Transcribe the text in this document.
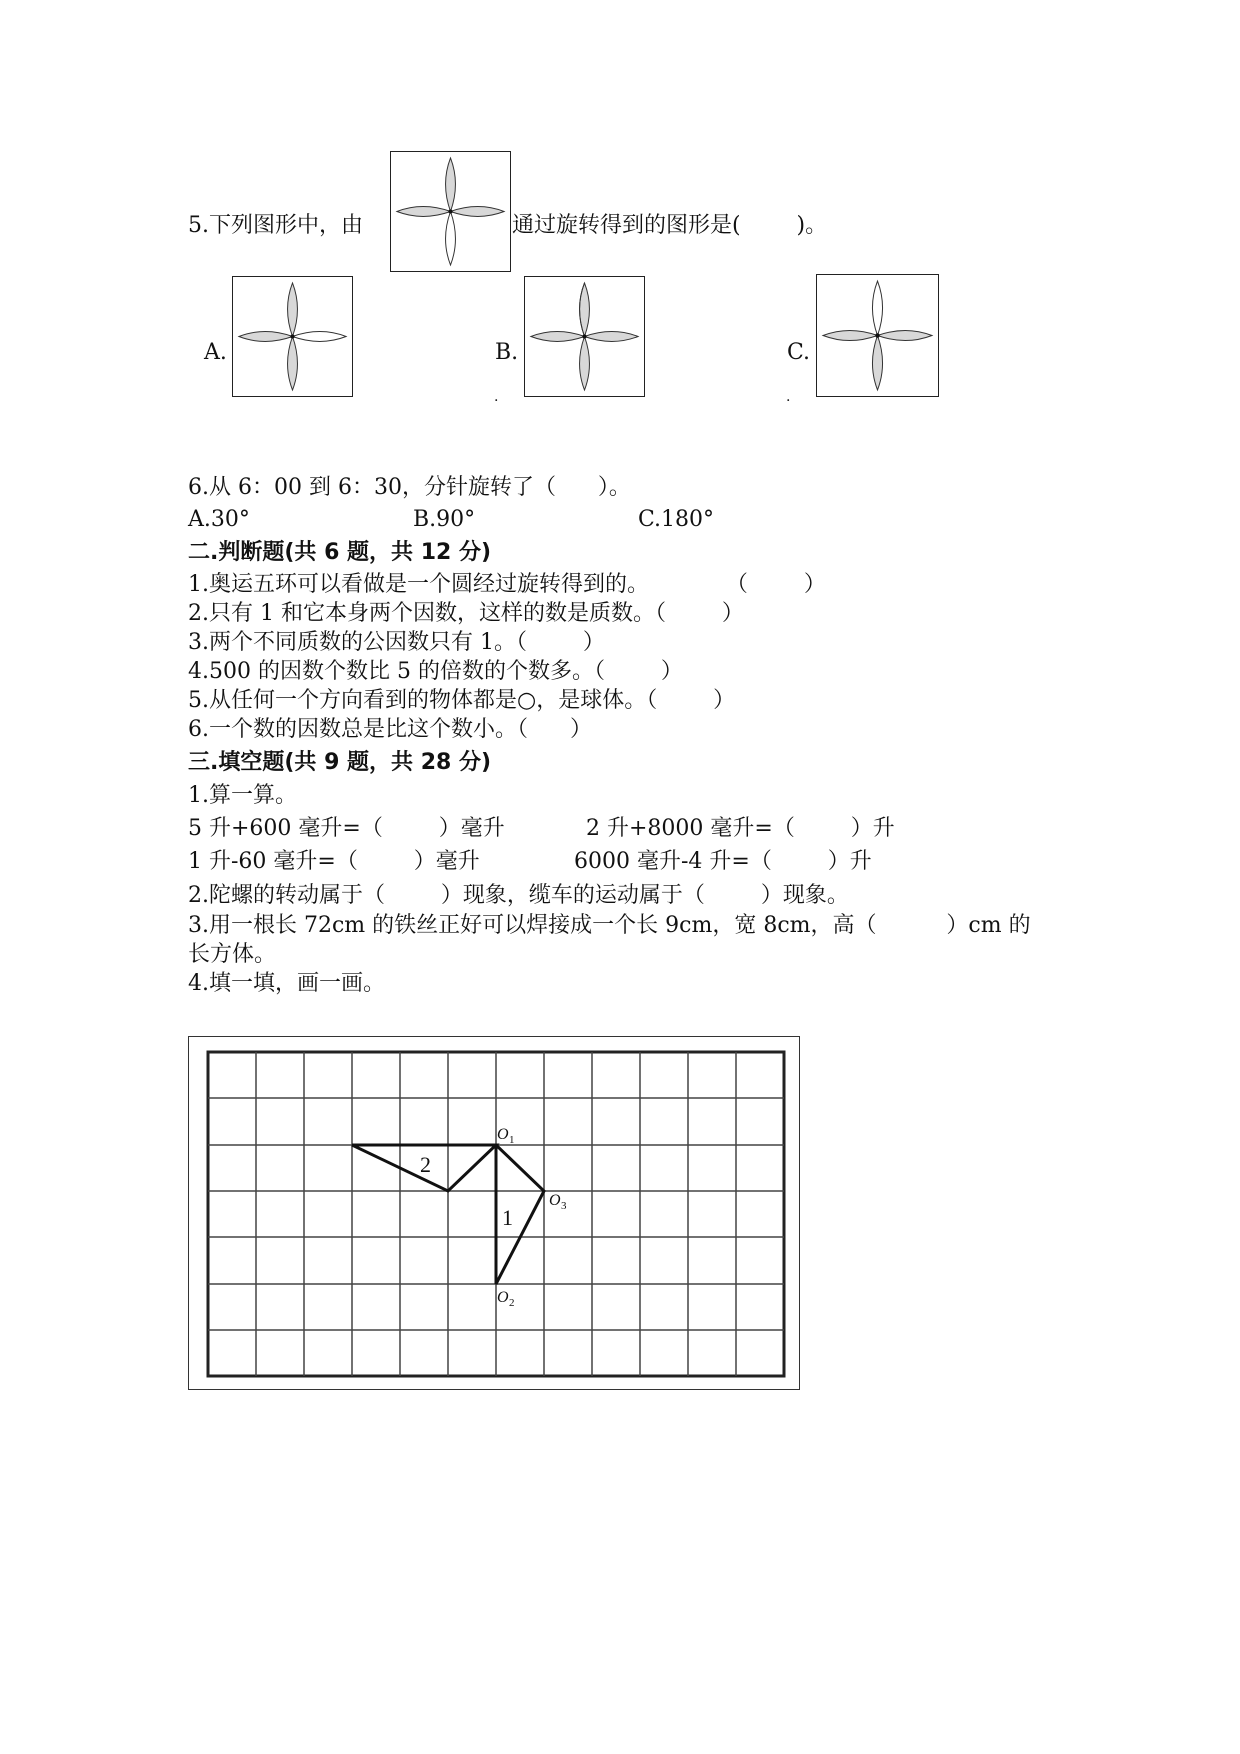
5.下列图形中，由	通过旋转得到的图形是(        )。
A.	B.
.
C.
.
6.从 6：00 到 6：30，分针旋转了（      ）。
A.30°	B.90°	C.180°
二.判断题(共 6 题，共 12 分)
1.奥运五环可以看做是一个圆经过旋转得到的。           （        ）
2.只有 1 和它本身两个因数，这样的数是质数。（        ）
3.两个不同质数的公因数只有 1。（        ）
4.500 的因数个数比 5 的倍数的个数多。（        ）
5.从任何一个方向看到的物体都是○，是球体。（        ）
6.一个数的因数总是比这个数小。（      ）
三.填空题(共 9 题，共 28 分)
1.算一算。
5 升+600 毫升=（        ）毫升	2 升+8000 毫升=（        ）升
1 升-60 毫升=（        ）毫升	6000 毫升-4 升=（        ）升
2.陀螺的转动属于（        ）现象，缆车的运动属于（        ）现象。
3.用一根长 72cm 的铁丝正好可以焊接成一个长 9cm，宽 8cm，高（          ）cm 的
长方体。
4.填一填，画一画。
2
1
O 1
O 3
O 2
